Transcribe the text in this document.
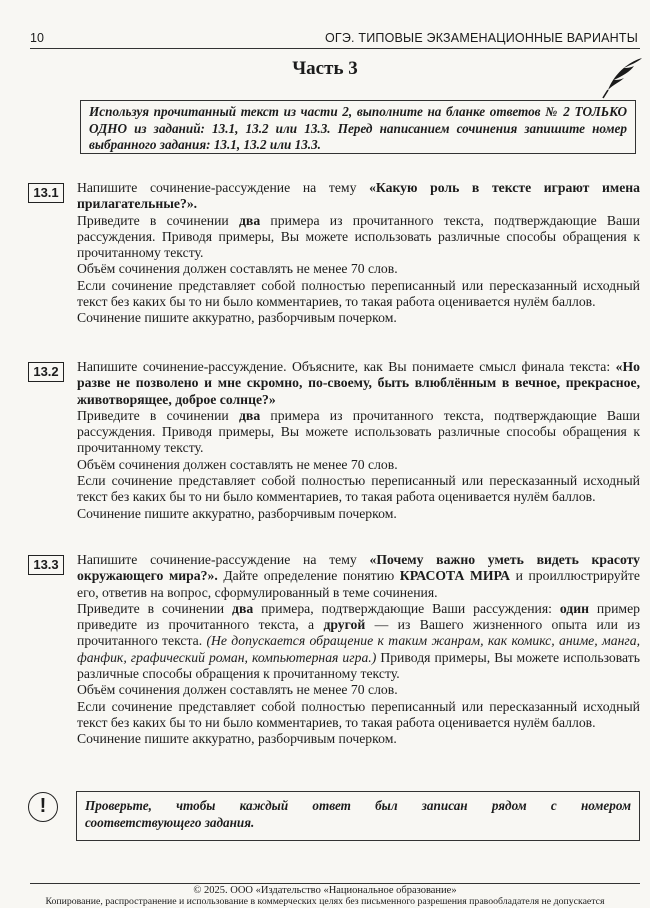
10	ОГЭ. ТИПОВЫЕ ЭКЗАМЕНАЦИОННЫЕ ВАРИАНТЫ
Часть 3
Используя прочитанный текст из части 2, выполните на бланке ответов № 2 ТОЛЬКО ОДНО из заданий: 13.1, 13.2 или 13.3. Перед написанием сочинения запишите номер выбранного задания: 13.1, 13.2 или 13.3.
13.1	Напишите сочинение-рассуждение на тему «Какую роль в тексте играют имена прилагательные?».

Приведите в сочинении два примера из прочитанного текста, подтверждающие Ваши рассуждения. Приводя примеры, Вы можете использовать различные способы обращения к прочитанному тексту.

Объём сочинения должен составлять не менее 70 слов.

Если сочинение представляет собой полностью переписанный или пересказанный исходный текст без каких бы то ни было комментариев, то такая работа оценивается нулём баллов.

Сочинение пишите аккуратно, разборчивым почерком.

13.2	Напишите сочинение-рассуждение. Объясните, как Вы понимаете смысл финала текста: «Но разве не позволено и мне скромно, по-своему, быть влюблённым в вечное, прекрасное, животворящее, доброе солнце?»

Приведите в сочинении два примера из прочитанного текста, подтверждающие Ваши рассуждения. Приводя примеры, Вы можете использовать различные способы обращения к прочитанному тексту.

Объём сочинения должен составлять не менее 70 слов.

Если сочинение представляет собой полностью переписанный или пересказанный исходный текст без каких бы то ни было комментариев, то такая работа оценивается нулём баллов.

Сочинение пишите аккуратно, разборчивым почерком.

13.3	Напишите сочинение-рассуждение на тему «Почему важно уметь видеть красоту окружающего мира?». Дайте определение понятию КРАСОТА МИРА и проиллюстрируйте его, ответив на вопрос, сформулированный в теме сочинения.

Приведите в сочинении два примера, подтверждающие Ваши рассуждения: один пример приведите из прочитанного текста, а другой — из Вашего жизненного опыта или из прочитанного текста. (Не допускается обращение к таким жанрам, как комикс, аниме, манга, фанфик, графический роман, компьютерная игра.) Приводя примеры, Вы можете использовать различные способы обращения к прочитанному тексту.

Объём сочинения должен составлять не менее 70 слов.

Если сочинение представляет собой полностью переписанный или пересказанный исходный текст без каких бы то ни было комментариев, то такая работа оценивается нулём баллов.

Сочинение пишите аккуратно, разборчивым почерком.

!	Проверьте, чтобы каждый ответ был записан рядом с номером
соответствующего задания.
© 2025. ООО «Издательство «Национальное образование»
Копирование, распространение и использование в коммерческих целях без письменного разрешения правообладателя не допускается
